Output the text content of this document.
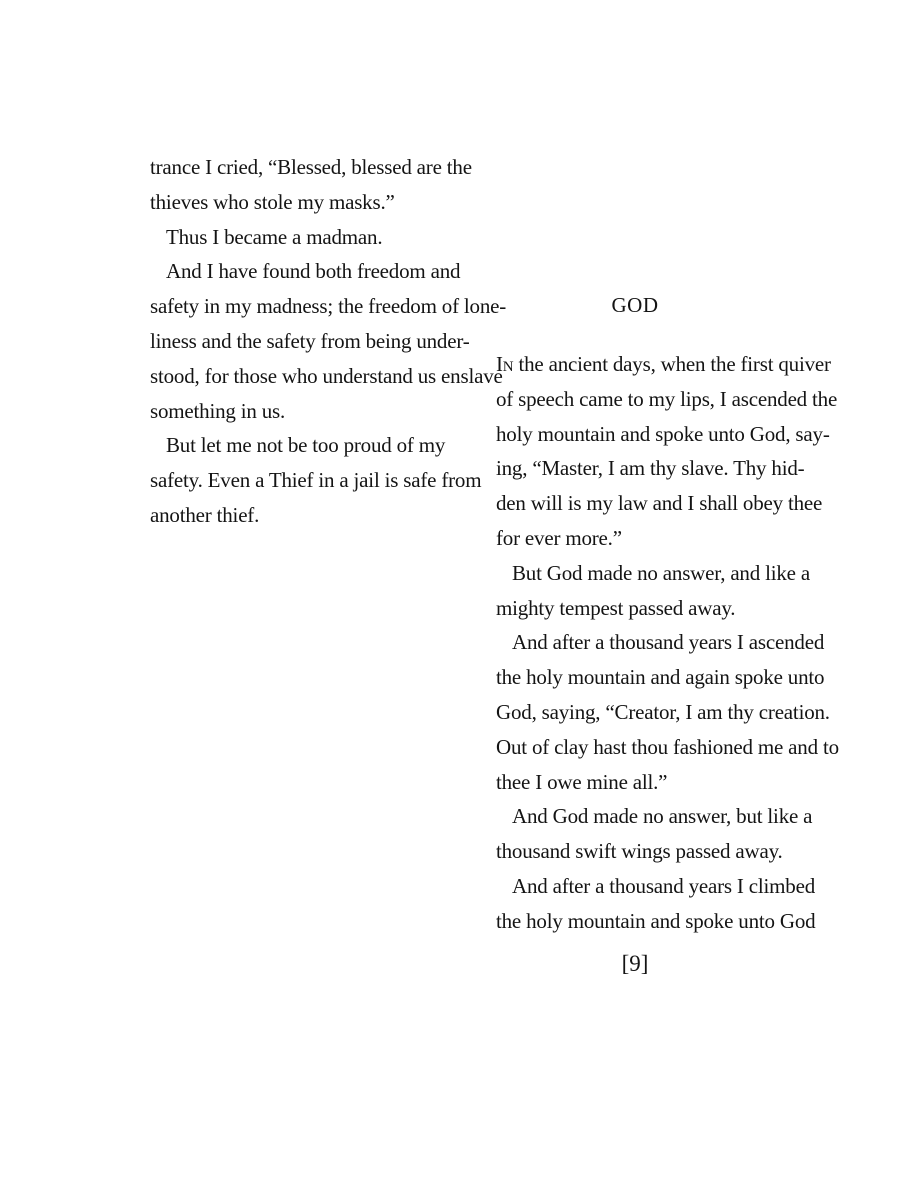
trance I cried, “Blessed, blessed are the
thieves who stole my masks.”
Thus I became a madman.
And I have found both freedom and
safety in my madness; the freedom of lone-
liness and the safety from being under-
stood, for those who understand us enslave
something in us.
But let me not be too proud of my
safety. Even a Thief in a jail is safe from
another thief.
GOD
In the ancient days, when the first quiver
of speech came to my lips, I ascended the
holy mountain and spoke unto God, say-
ing, “Master, I am thy slave. Thy hid-
den will is my law and I shall obey thee
for ever more.”
But God made no answer, and like a
mighty tempest passed away.
And after a thousand years I ascended
the holy mountain and again spoke unto
God, saying, “Creator, I am thy creation.
Out of clay hast thou fashioned me and to
thee I owe mine all.”
And God made no answer, but like a
thousand swift wings passed away.
And after a thousand years I climbed
the holy mountain and spoke unto God
[9]
